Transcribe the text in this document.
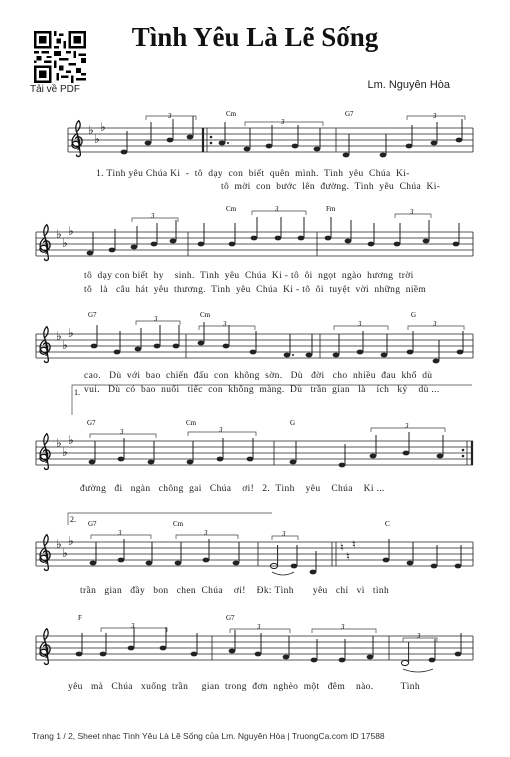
Tải về PDF
Tình Yêu Là Lẽ Sống
Lm. Nguyên Hòa
♭
♭
♭
3
3
3
Cm	G7
♭
♭
♭
3
3	3
Cm	Fm
♭
♭
♭
3
3	3	3
G7	Cm	G
1.
♭
♭
♭
3	3	3
G7	Cm	G
2.
♭
♭
♭	♮
♮
♮
3	3	3
G7	Cm	C
3	3	3
3
F	G7
1. Tình yêu Chúa Ki  -  tô  dạy  con  biết  quên  mình.  Tình  yêu  Chúa  Ki-
tô  mời  con  bước  lên  đường.  Tình  yêu  Chúa  Ki-
tô  dạy con biết  hy    sinh.  Tình  yêu  Chúa  Ki - tô  ôi  ngọt  ngào  hương  trời
tô   là   câu  hát  yêu  thương.  Tình  yêu  Chúa  Ki - tô  ôi  tuyệt  vời  những  niềm
cao.   Dù  với  bao  chiến  đấu  con  không  sờn.   Dù   đời   cho  nhiều  đau  khổ  dù
vui.   Dù  có  bao  nuối   tiếc  con  không  màng.  Dù   trần  gian   là    ích   kỷ    dù ...
đường   đi   ngàn   chông  gai   Chúa    ơi!   2.  Tình    yêu    Chúa    Ki ...
trần   gian   đầy   bon   chen  Chúa    ơi!    Đk: Tình       yêu   chỉ   vì   tình
yêu   mà   Chúa   xuống  trần     gian  trong  đơn  nghèo  một   đêm    nào.          Tình
Trang 1 / 2, Sheet nhạc Tình Yêu Là Lẽ Sống của Lm. Nguyên Hòa | TruongCa.com ID 17588
